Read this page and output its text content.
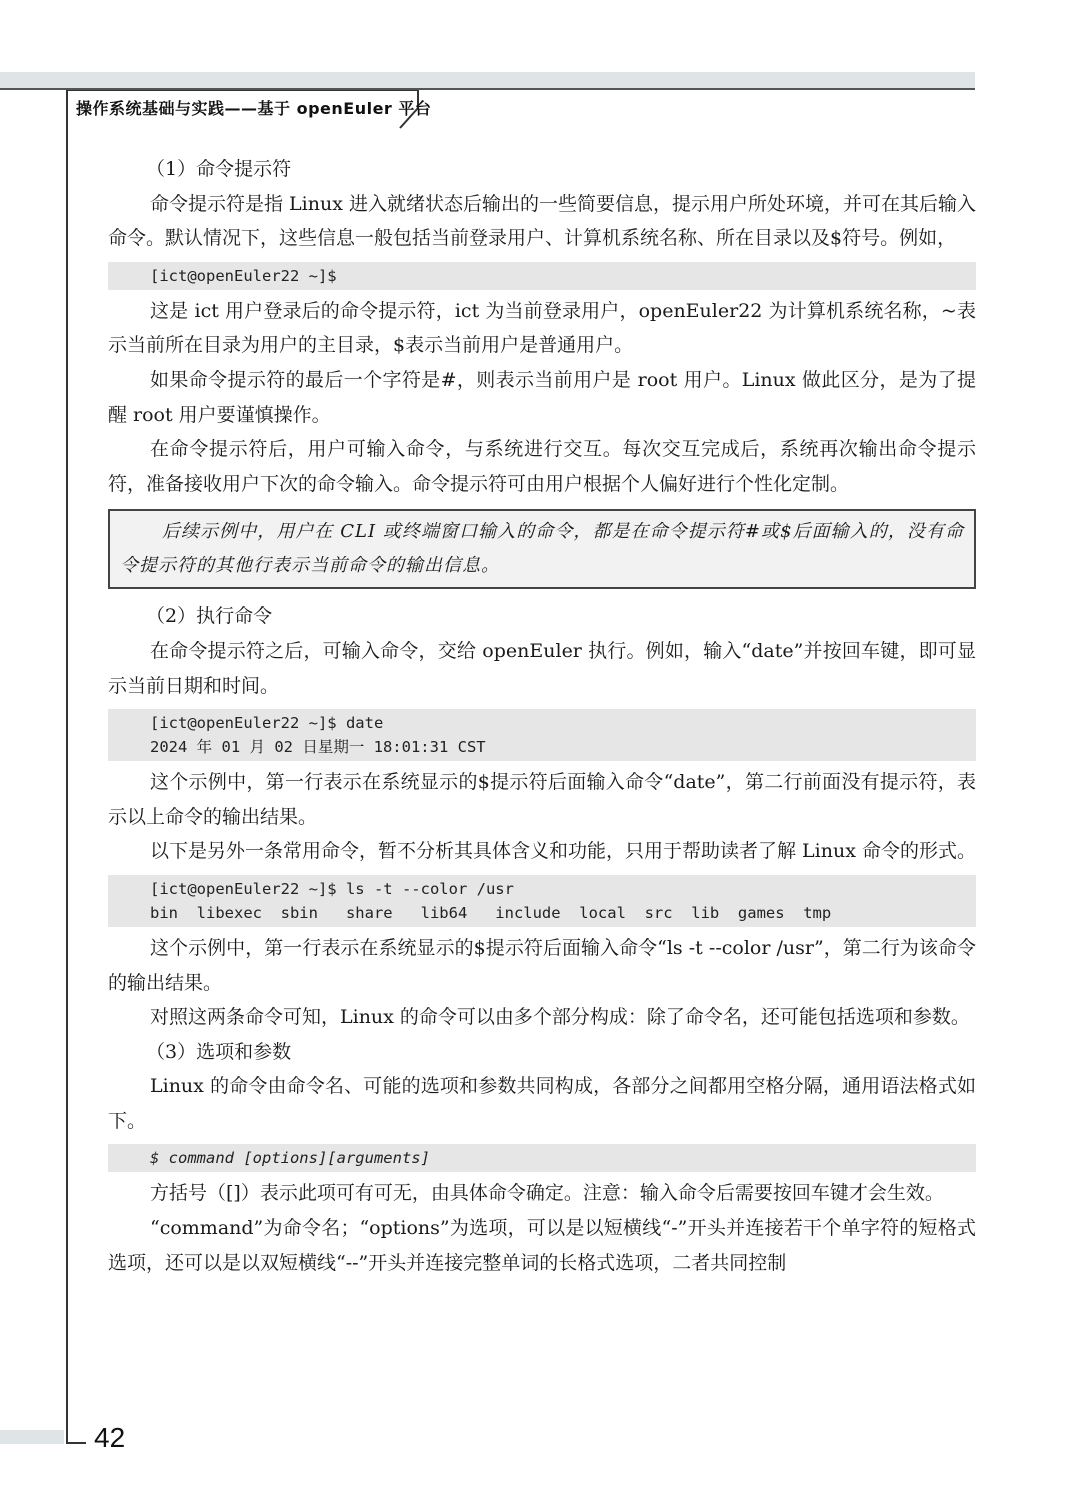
操作系统基础与实践——基于 openEuler 平台

（1）命令提示符

命令提示符是指 Linux 进入就绪状态后输出的一些简要信息，提示用户所处环境，并可在其后输入命令。默认情况下，这些信息一般包括当前登录用户、计算机系统名称、所在目录以及$符号。例如，

[ict@openEuler22 ~]$

这是 ict 用户登录后的命令提示符，ict 为当前登录用户，openEuler22 为计算机系统名称，~表示当前所在目录为用户的主目录，$表示当前用户是普通用户。

如果命令提示符的最后一个字符是#，则表示当前用户是 root 用户。Linux 做此区分，是为了提醒 root 用户要谨慎操作。

在命令提示符后，用户可输入命令，与系统进行交互。每次交互完成后，系统再次输出命令提示符，准备接收用户下次的命令输入。命令提示符可由用户根据个人偏好进行个性化定制。

后续示例中，用户在 CLI 或终端窗口输入的命令，都是在命令提示符#或$后面输入的，没有命令提示符的其他行表示当前命令的输出信息。

（2）执行命令

在命令提示符之后，可输入命令，交给 openEuler 执行。例如，输入“date”并按回车键，即可显示当前日期和时间。

[ict@openEuler22 ~]$ date
2024 年 01 月 02 日星期一 18:01:31 CST

这个示例中，第一行表示在系统显示的$提示符后面输入命令“date”，第二行前面没有提示符，表示以上命令的输出结果。

以下是另外一条常用命令，暂不分析其具体含义和功能，只用于帮助读者了解 Linux 命令的形式。

[ict@openEuler22 ~]$ ls -t --color /usr
bin  libexec  sbin   share   lib64   include  local  src  lib  games  tmp

这个示例中，第一行表示在系统显示的$提示符后面输入命令“ls -t --color /usr”，第二行为该命令的输出结果。

对照这两条命令可知，Linux 的命令可以由多个部分构成：除了命令名，还可能包括选项和参数。

（3）选项和参数

Linux 的命令由命令名、可能的选项和参数共同构成，各部分之间都用空格分隔，通用语法格式如下。

$ command [options][arguments]

方括号（[]）表示此项可有可无，由具体命令确定。注意：输入命令后需要按回车键才会生效。

“command”为命令名；“options”为选项，可以是以短横线“-”开头并连接若干个单字符的短格式选项，还可以是以双短横线“--”开头并连接完整单词的长格式选项，二者共同控制

42
